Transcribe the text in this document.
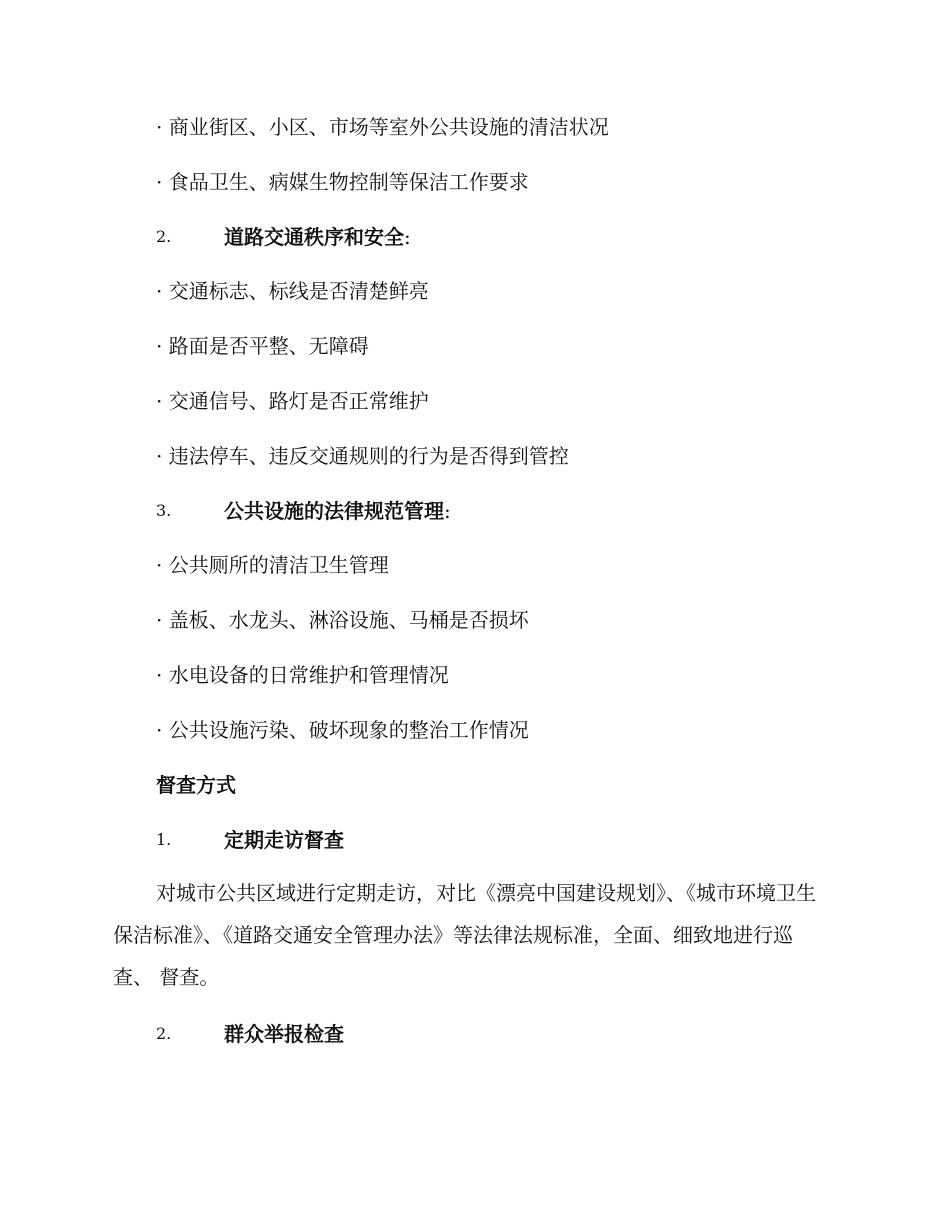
· 商业街区、小区、市场等室外公共设施的清洁状况
· 食品卫生、病媒生物控制等保洁工作要求
2.	道路交通秩序和安全:
· 交通标志、标线是否清楚鲜亮
· 路面是否平整、无障碍
· 交通信号、路灯是否正常维护
· 违法停车、违反交通规则的行为是否得到管控
3.	公共设施的法律规范管理:
· 公共厕所的清洁卫生管理
· 盖板、水龙头、淋浴设施、马桶是否损坏
· 水电设备的日常维护和管理情况
· 公共设施污染、破坏现象的整治工作情况
督查方式
1.	定期走访督查
对城市公共区域进行定期走访，对比《漂亮中国建设规划》、《城市环境卫生保洁标准》、《道路交通安全管理办法》等法律法规标准，全面、细致地进行巡查、 督查。
2.	群众举报检查
